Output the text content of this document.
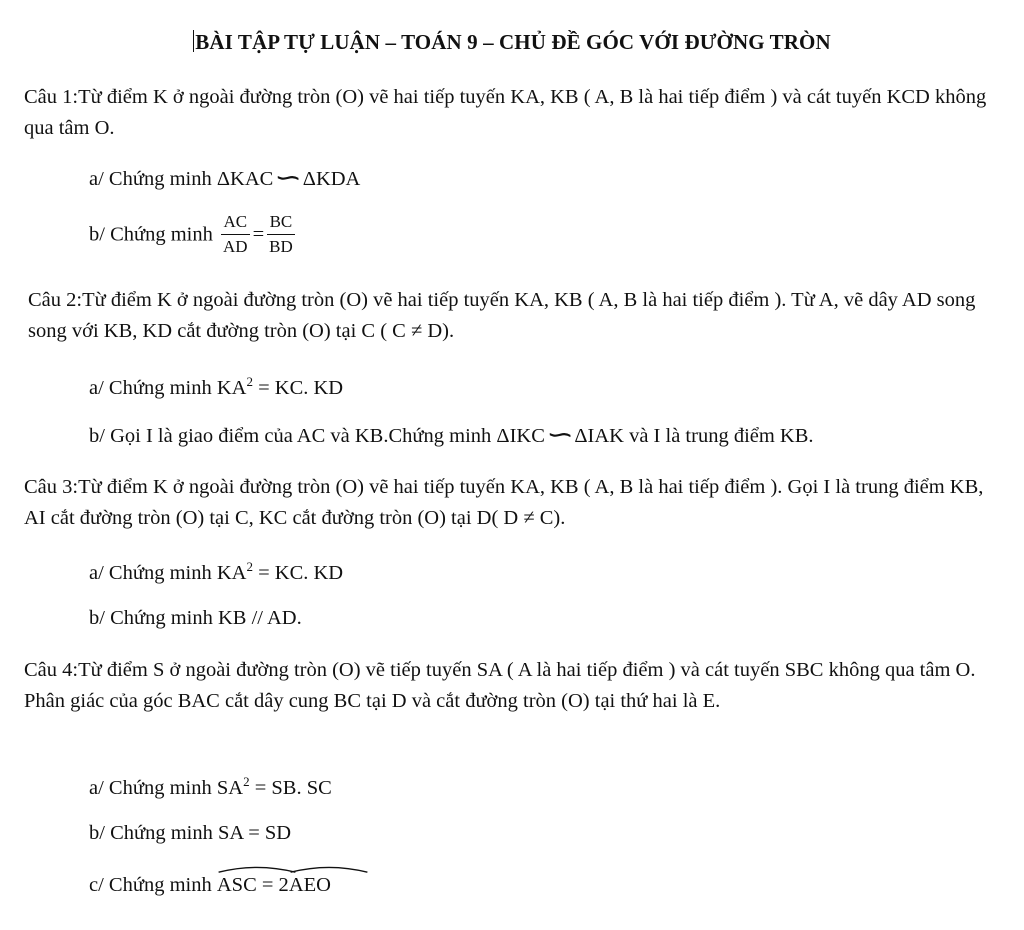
BÀI TẬP TỰ LUẬN – TOÁN 9 – CHỦ ĐỀ GÓC VỚI ĐƯỜNG TRÒN
Câu 1:Từ điểm K ở ngoài đường tròn (O) vẽ hai tiếp tuyến KA, KB ( A, B là hai tiếp điểm ) và cát tuyến KCD không qua tâm O.
a/ Chứng minh ΔKAC∽ΔKDA
b/ Chứng minh $\frac{AC}{AD} = \frac{BC}{BD}$
Câu 2:Từ điểm K ở ngoài đường tròn (O) vẽ hai tiếp tuyến KA, KB ( A, B là hai tiếp điểm ). Từ A, vẽ dây AD song song với KB, KD cắt đường tròn (O) tại C ( C ≠ D).
a/ Chứng minh $KA^2$ = KC. KD
b/ Gọi I là giao điểm của AC và KB.Chứng minh ΔIKC∽ΔIAK và I là trung điểm KB.
Câu 3:Từ điểm K ở ngoài đường tròn (O) vẽ hai tiếp tuyến KA, KB ( A, B là hai tiếp điểm ). Gọi I là trung điểm KB, AI cắt đường tròn (O) tại C, KC cắt đường tròn (O) tại D( D ≠ C).
a/ Chứng minh $KA^2$ = KC. KD
b/ Chứng minh KB // AD.
Câu 4:Từ điểm S ở ngoài đường tròn (O) vẽ tiếp tuyến SA ( A là hai tiếp điểm ) và cát tuyến SBC không qua tâm O. Phân giác của góc BAC cắt dây cung BC tại D và cắt đường tròn (O) tại thứ hai là E.
a/ Chứng minh $SA^2$ = SB. SC
b/ Chứng minh SA = SD
c/ Chứng minh
ASC = 2
AEO
